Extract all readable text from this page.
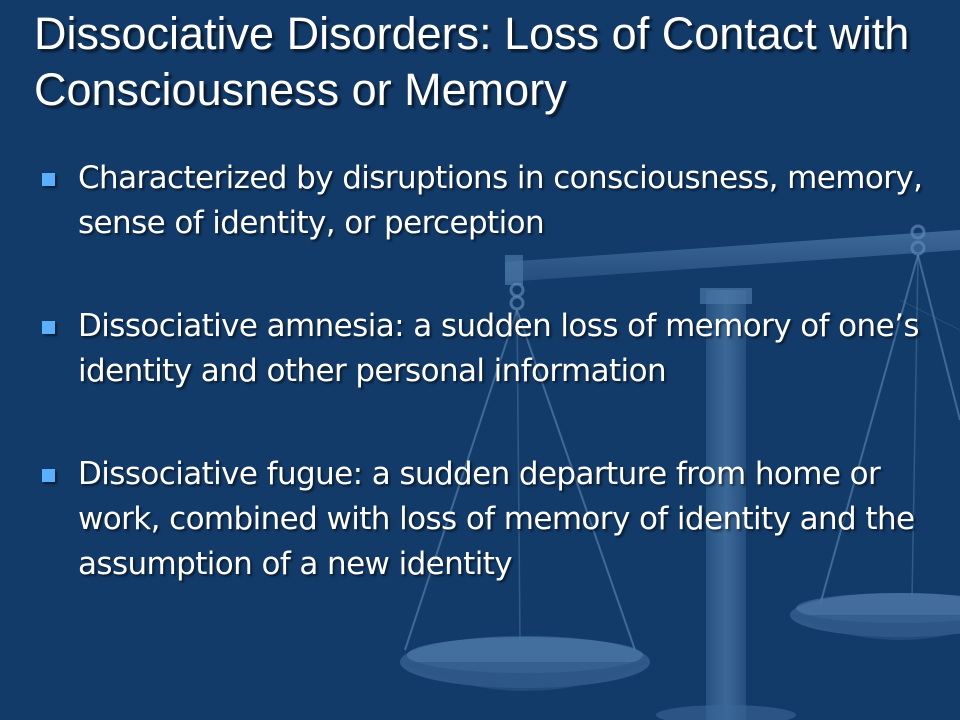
Dissociative Disorders: Loss of Contact with Consciousness or Memory
Characterized by disruptions in consciousness, memory, sense of identity, or perception
Dissociative amnesia: a sudden loss of memory of one’s identity and other personal information
Dissociative fugue: a sudden departure from home or work, combined with loss of memory of identity and the assumption of a new identity
